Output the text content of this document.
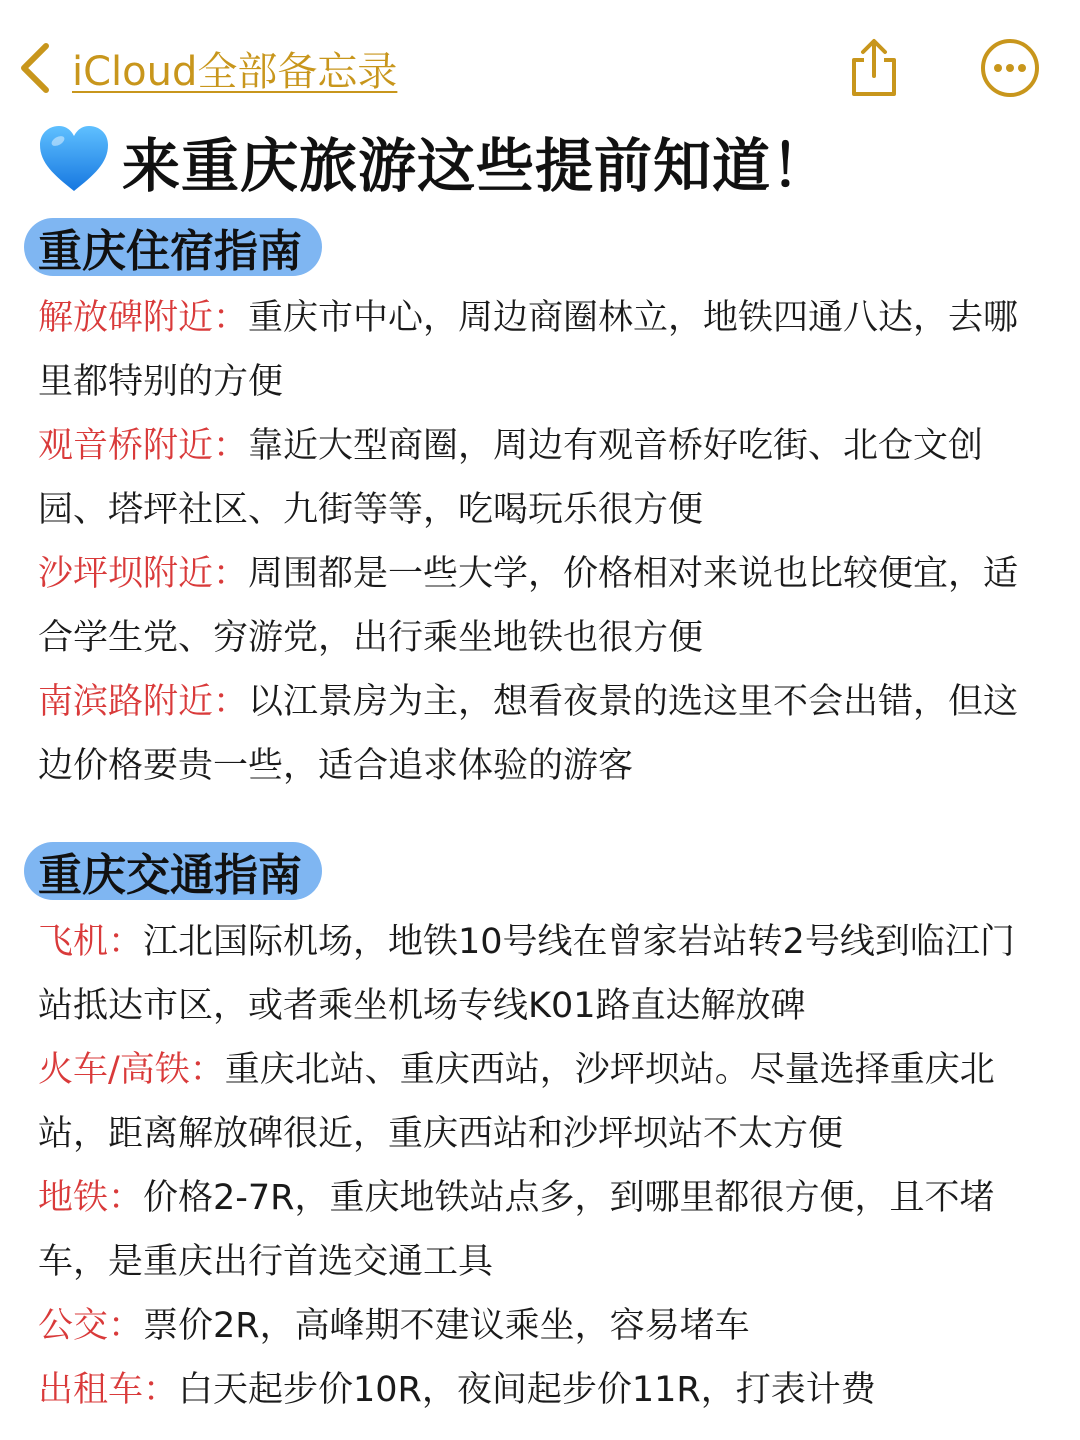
iCloud全部备忘录
来重庆旅游这些提前知道！
重庆住宿指南
解放碑附近：重庆市中心，周边商圈林立，地铁四通八达，去哪里都特别的方便
观音桥附近：靠近大型商圈，周边有观音桥好吃街、北仓文创园、塔坪社区、九街等等，吃喝玩乐很方便
沙坪坝附近：周围都是一些大学，价格相对来说也比较便宜，适合学生党、穷游党，出行乘坐地铁也很方便
南滨路附近：以江景房为主，想看夜景的选这里不会出错，但这边价格要贵一些，适合追求体验的游客
重庆交通指南
飞机：江北国际机场，地铁10号线在曾家岩站转2号线到临江门站抵达市区，或者乘坐机场专线K01路直达解放碑
火车/高铁：重庆北站、重庆西站，沙坪坝站。尽量选择重庆北站，距离解放碑很近，重庆西站和沙坪坝站不太方便
地铁：价格2-7R，重庆地铁站点多，到哪里都很方便，且不堵车，是重庆出行首选交通工具
公交：票价2R，高峰期不建议乘坐，容易堵车
出租车：白天起步价10R，夜间起步价11R，打表计费
